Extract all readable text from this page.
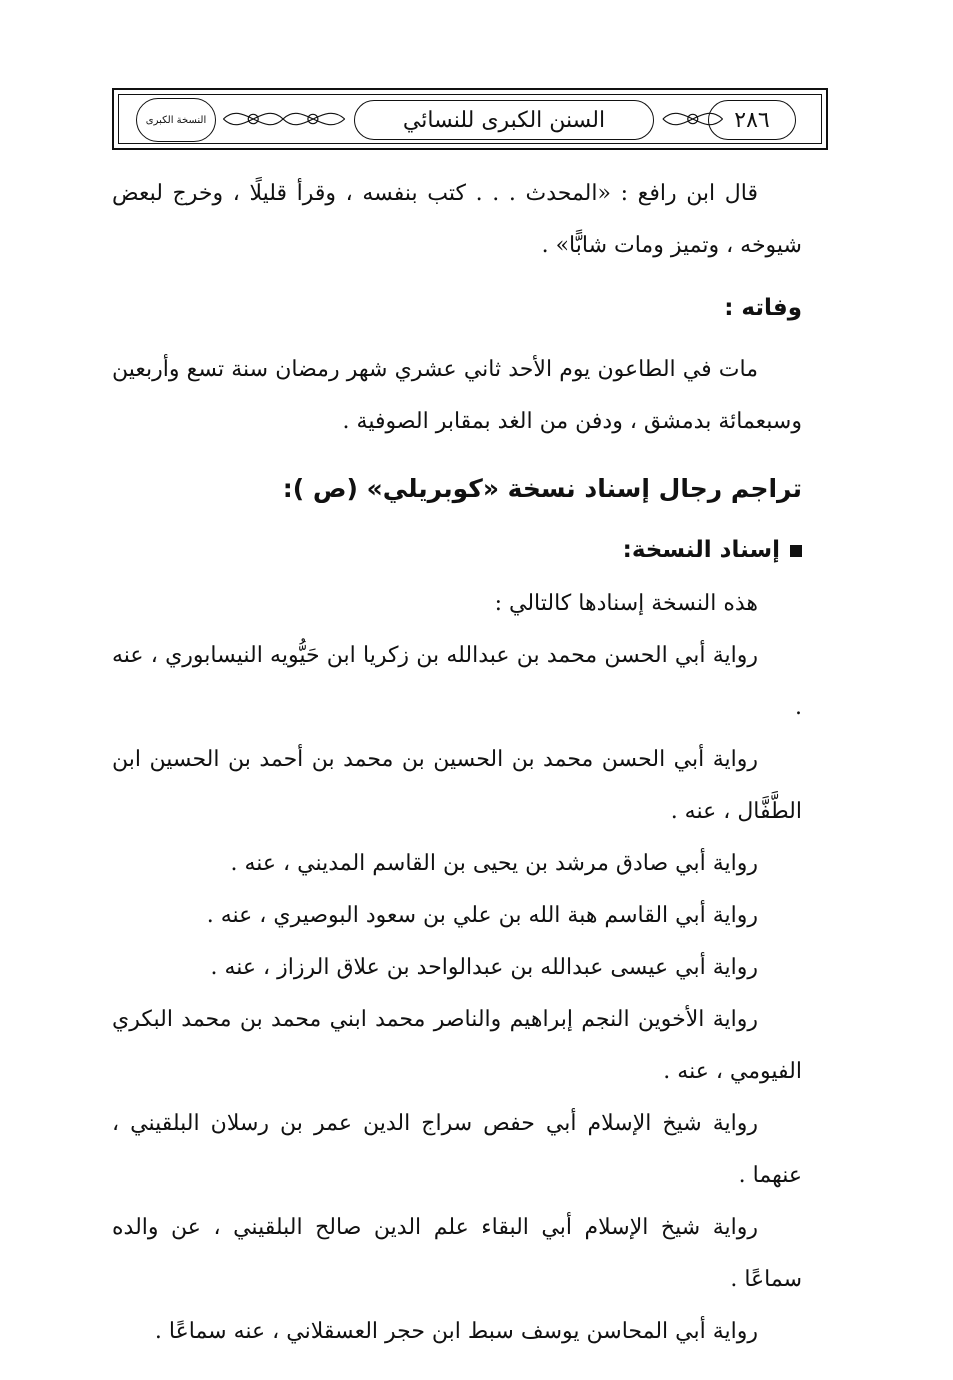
النسخة الكبرى	السنن الكبرى للنسائي	٢٨٦

قال ابن رافع : «المحدث . . . كتب بنفسه ، وقرأ قليلًا ، وخرج لبعض شيوخه ، وتميز ومات شابًّا» .

وفاته :

مات في الطاعون يوم الأحد ثاني عشري شهر رمضان سنة تسع وأربعين وسبعمائة بدمشق ، ودفن من الغد بمقابر الصوفية .

تراجم رجال إسناد نسخة «كوبريلي» (ص ):

إسناد النسخة:

هذه النسخة إسنادها كالتالي :

رواية أبي الحسن محمد بن عبدالله بن زكريا ابن حَيُّويه النيسابوري ، عنه .

رواية أبي الحسن محمد بن الحسين بن محمد بن أحمد بن الحسين ابن الطَّفَّال ، عنه .

رواية أبي صادق مرشد بن يحيى بن القاسم المديني ، عنه .

رواية أبي القاسم هبة الله بن علي بن سعود البوصيري ، عنه .

رواية أبي عيسى عبدالله بن عبدالواحد بن علاق الرزاز ، عنه .

رواية الأخوين النجم إبراهيم والناصر محمد ابني محمد بن محمد البكري الفيومي ، عنه .

رواية شيخ الإسلام أبي حفص سراج الدين عمر بن رسلان البلقيني ، عنهما .

رواية شيخ الإسلام أبي البقاء علم الدين صالح البلقيني ، عن والده سماعًا .

رواية أبي المحاسن يوسف سبط ابن حجر العسقلاني ، عنه سماعًا .
